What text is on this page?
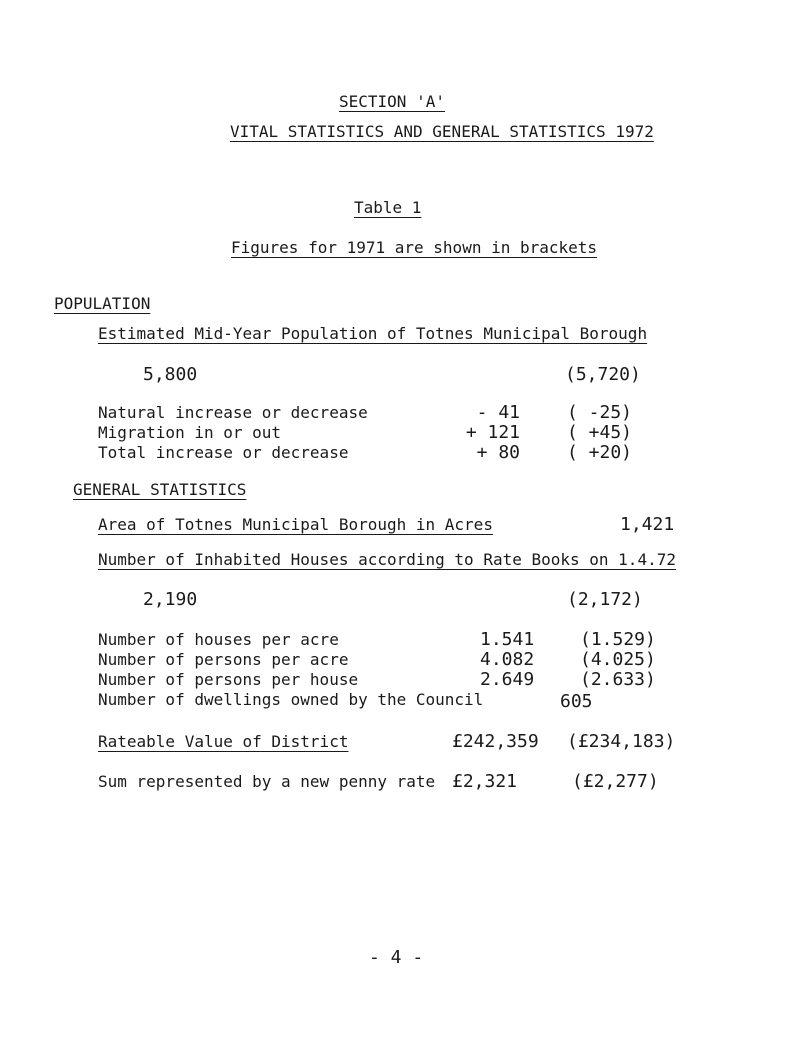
SECTION 'A'
VITAL STATISTICS AND GENERAL STATISTICS 1972
Table 1
Figures for 1971 are shown in brackets
POPULATION
Estimated Mid-Year Population of Totnes Municipal Borough
5,800	(5,720)
Natural increase or decrease	- 41	( -25)
Migration in or out	+ 121	( +45)
Total increase or decrease	+ 80	( +20)
GENERAL STATISTICS
Area of Totnes Municipal Borough in Acres	1,421
Number of Inhabited Houses according to Rate Books on 1.4.72
2,190	(2,172)
Number of houses per acre	1.541	(1.529)
Number of persons per acre	4.082	(4.025)
Number of persons per house	2.649	(2.633)
Number of dwellings owned by the Council	605
Rateable Value of District	£242,359 (£234,183)
Sum represented by a new penny rate £2,321	(£2,277)
- 4 -
